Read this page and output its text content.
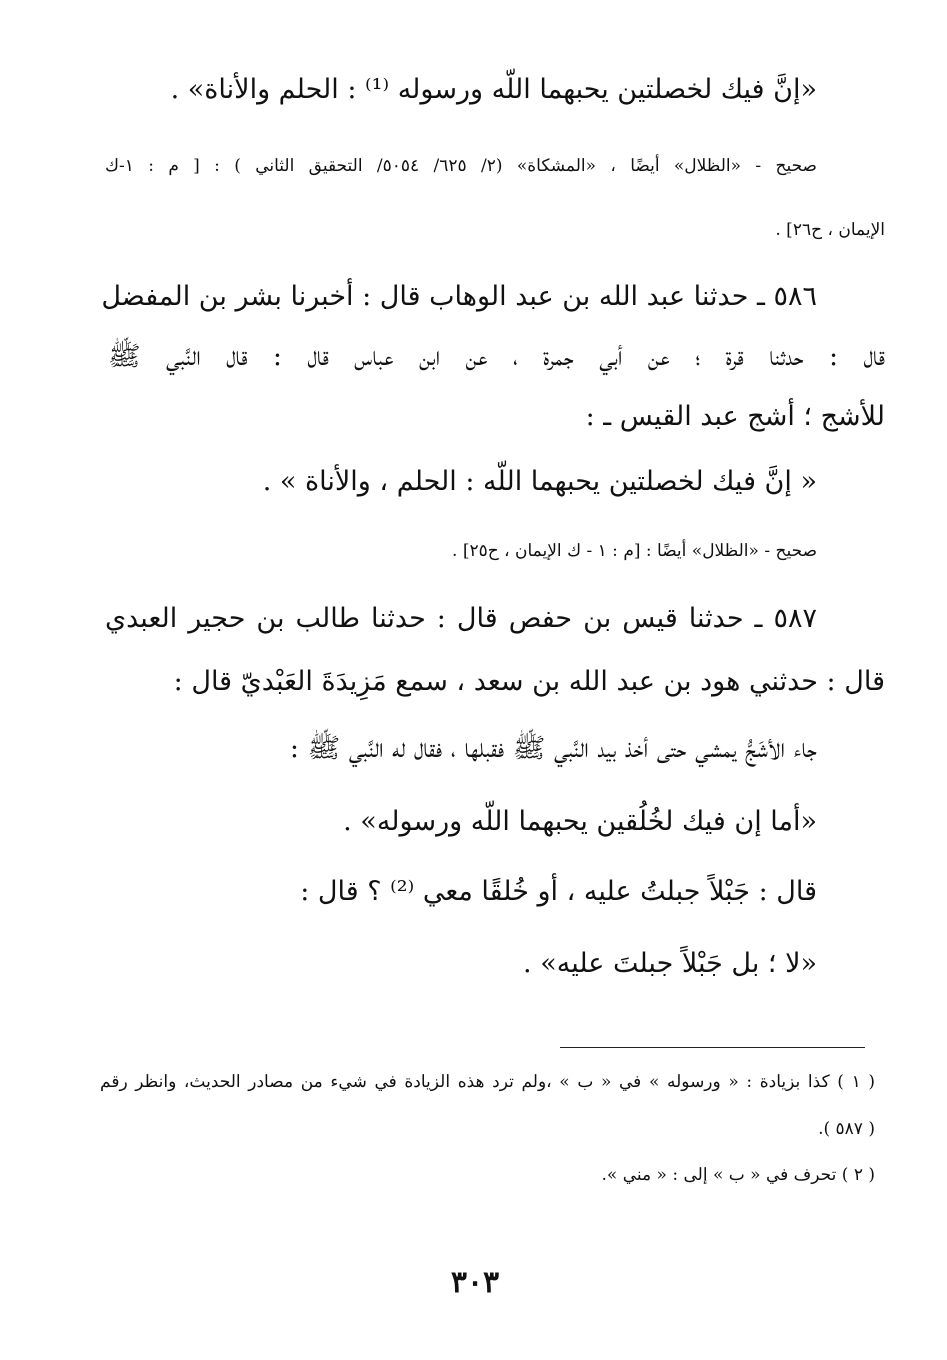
«إنَّ فيك لخصلتين يحبهما اللّه ورسوله ⁽¹⁾ : الحلم والأناة» .
صحيح - «الظلال» أيضًا ، «المشكاة» (٢/ ٦٢٥/ ٥٠٥٤/ التحقيق الثاني ) : [ م : ١-ك
الإيمان ، ح٢٦] .
٥٨٦ ـ حدثنا عبد الله بن عبد الوهاب قال : أخبرنا بشر بن المفضل
قال : حدثنا قرة ؛ عن أبي جمرة ، عن ابن عباس قال : قال النَّبي ﷺ
للأشج ؛ أشج عبد القيس ـ :
« إنَّ فيك لخصلتين يحبهما اللّه : الحلم ، والأناة » .
صحيح - «الظلال» أيضًا : [م : ١ - ك الإيمان ، ح٢٥] .
٥٨٧ ـ حدثنا قيس بن حفص قال : حدثنا طالب بن حجير العبدي
قال : حدثني هود بن عبد الله بن سعد ، سمع مَزِيدَةَ العَبْديّ قال :
جاء الأشَجُّ يمشي حتى أخذ بيد النَّبي ﷺ فقبلها ، فقال له النَّبي ﷺ :
«أما إن فيك لخُلُقين يحبهما اللّه ورسوله» .
قال : جَبْلاً جبلتُ عليه ، أو خُلقًا معي ⁽²⁾ ؟ قال :
«لا ؛ بل جَبْلاً جبلتَ عليه» .
( ١ ) كذا بزيادة : « ورسوله » في « ب » ،ولم ترد هذه الزيادة في شيء من مصادر الحديث، وانظر رقم
.( ٥٨٧ )
( ٢ ) تحرف في « ب » إلى : « مني ».
٣٠٣
